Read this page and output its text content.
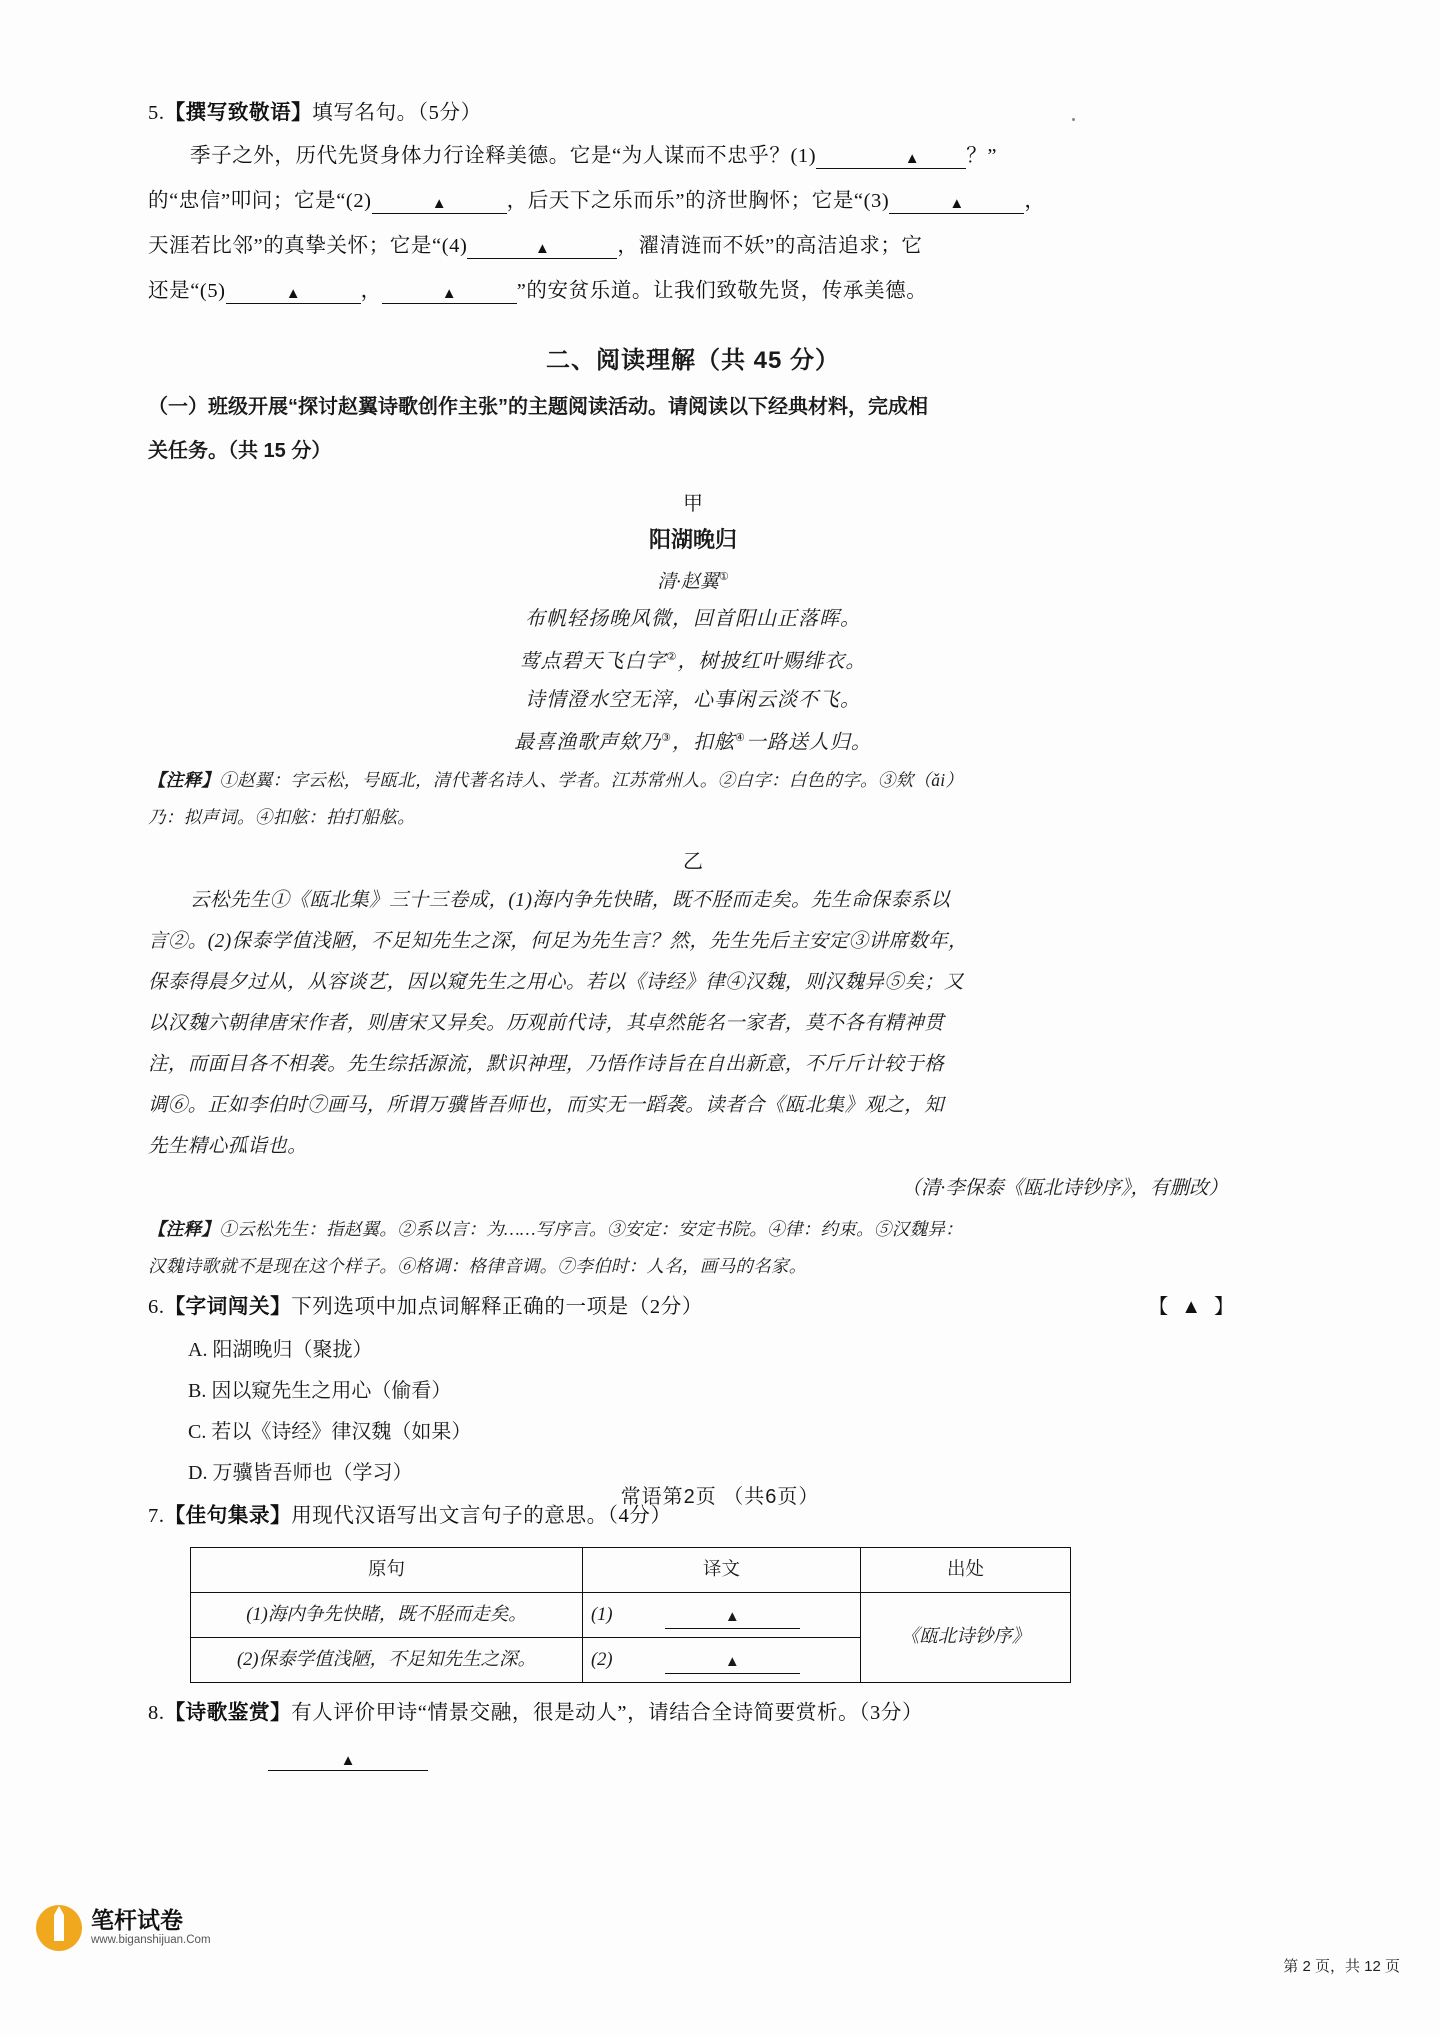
5.【撰写致敬语】填写名句。（5分）
季子之外，历代先贤身体力行诠释美德。它是“为人谋而不忠乎？(1)	▲ ？”
的“忠信”叩问；它是“(2)	▲	，后天下之乐而乐”的济世胸怀；它是“(3)	▲	，
天涯若比邻”的真挚关怀；它是“(4)	▲	，濯清涟而不妖”的高洁追求；它
还是“(5)	▲	，	▲	”的安贫乐道。让我们致敬先贤，传承美德。
二、阅读理解（共 45 分）
（一）班级开展“探讨赵翼诗歌创作主张”的主题阅读活动。请阅读以下经典材料，完成相
关任务。（共 15 分）
甲
阳湖晚归
清·赵翼①
布帆轻扬晚风微，回首阳山正落晖。
莺点碧天飞白字②，树披红叶赐绯衣。
诗情澄水空无滓，心事闲云淡不飞。
最喜渔歌声欸乃③，扣舷④一路送人归。
【注释】①赵翼：字云松，号瓯北，清代著名诗人、学者。江苏常州人。②白字：白色的字。③欸（ǎi）
乃：拟声词。④扣舷：拍打船舷。
乙
云松先生①《瓯北集》三十三卷成，(1)海内争先快睹，既不胫而走矣。先生命保泰系以
言②。(2)保泰学值浅陋，不足知先生之深，何足为先生言？然，先生先后主安定③讲席数年，
保泰得晨夕过从，从容谈艺，因以窥先生之用心。若以《诗经》律④汉魏，则汉魏异⑤矣；又
以汉魏六朝律唐宋作者，则唐宋又异矣。历观前代诗，其卓然能名一家者，莫不各有精神贯
注，而面目各不相袭。先生综括源流，默识神理，乃悟作诗旨在自出新意，不斤斤计较于格
调⑥。正如李伯时⑦画马，所谓万骥皆吾师也，而实无一蹈袭。读者合《瓯北集》观之，知
先生精心孤诣也。
（清·李保泰《瓯北诗钞序》，有删改）
【注释】①云松先生：指赵翼。②系以言：为……写序言。③安定：安定书院。④律：约束。⑤汉魏异：
汉魏诗歌就不是现在这个样子。⑥格调：格律音调。⑦李伯时：人名，画马的名家。
【 ▲ 】
6.【字词闯关】下列选项中加点词解释正确的一项是（2分）
A. 阳湖晚归（聚拢）
B. 因以窥先生之用心（偷看）
C. 若以《诗经》律汉魏（如果）
D. 万骥皆吾师也（学习）
7.【佳句集录】用现代汉语写出文言句子的意思。（4分）
原句	译文	出处
(1)海内争先快睹，既不胫而走矣。	(1) ▲	《瓯北诗钞序》
(2)保泰学值浅陋，不足知先生之深。	(2) ▲	
8.【诗歌鉴赏】有人评价甲诗“情景交融，很是动人”，请结合全诗简要赏析。（3分）
▲
常语第2页 （共6页）
笔杆试卷
www.biganshijuan.Com
第 2 页，共 12 页
